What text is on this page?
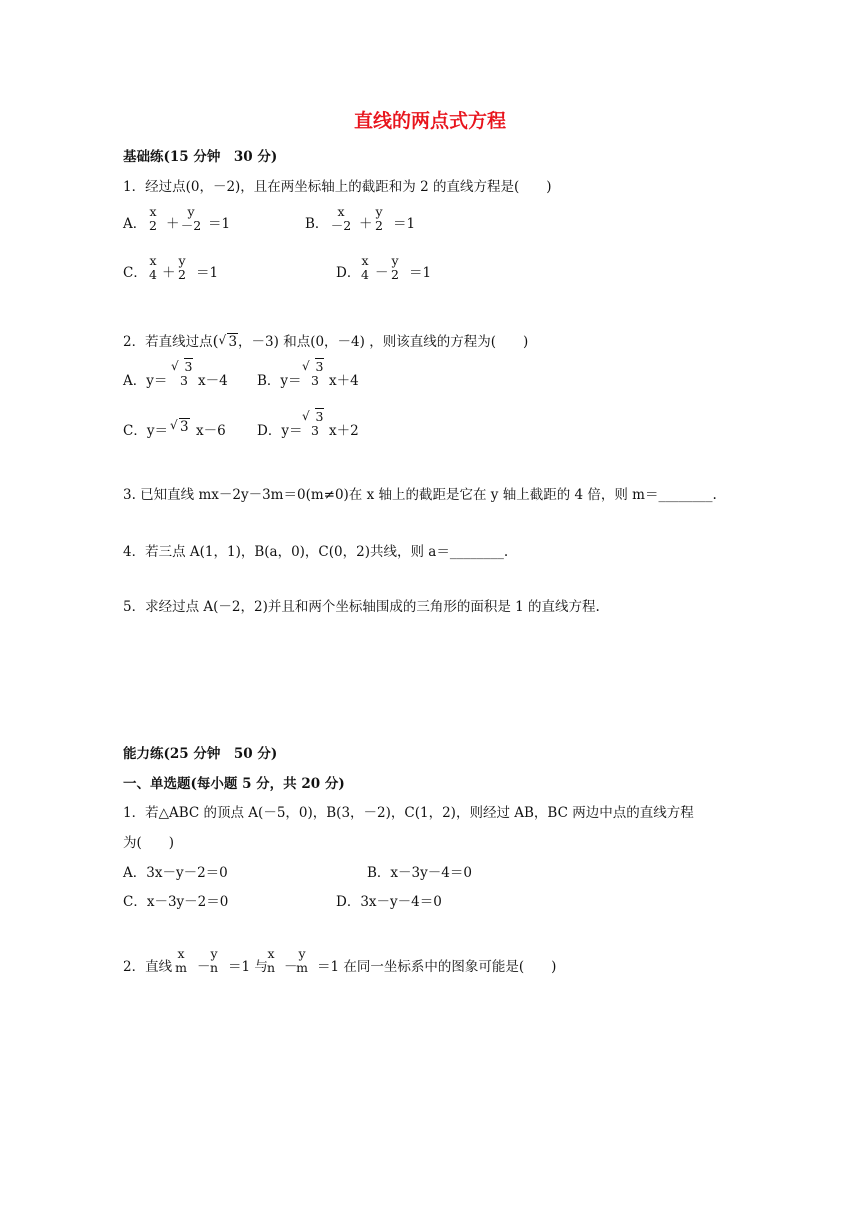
直线的两点式方程
基础练(15 分钟　30 分)
1．经过点(0，－2)，且在两坐标轴上的截距和为 2 的直线方程是(　　)
A．
x
2 ＋
y
－2 ＝1	B．
x
－2 ＋
y
2 ＝1
C．
x
4 ＋
y
2 ＝1	D．
x
4 －
y
2 ＝1
2．若直线过点( √ 3，－3) 和点(0，－4) ，则该直线的方程为(　　)
A．y＝
√ 3
3 x－4 B．y＝
√ 3
3 x＋4
C．y＝ √ 3 x－6 D．y＝
√ 3
3 x＋2
3. 已知直线 mx－2y－3m＝0(m≠0)在 x 轴上的截距是它在 y 轴上截距的 4 倍，则 m＝________.
4．若三点 A(1，1)，B(a，0)，C(0，2)共线，则 a＝________.
5．求经过点 A(－2，2)并且和两个坐标轴围成的三角形的面积是 1 的直线方程.
能力练(25 分钟　50 分)
一、单选题(每小题 5 分，共 20 分)
1．若△ABC 的顶点 A(－5，0)，B(3，－2)，C(1，2)，则经过 AB，BC 两边中点的直线方程
为(　　)
A．3x－y－2＝0	B．x－3y－4＝0
C．x－3y－2＝0	D．3x－y－4＝0
2．直线
x
m －
y
n ＝1 与
x
n －
y
m ＝1 在同一坐标系中的图象可能是(　　)
